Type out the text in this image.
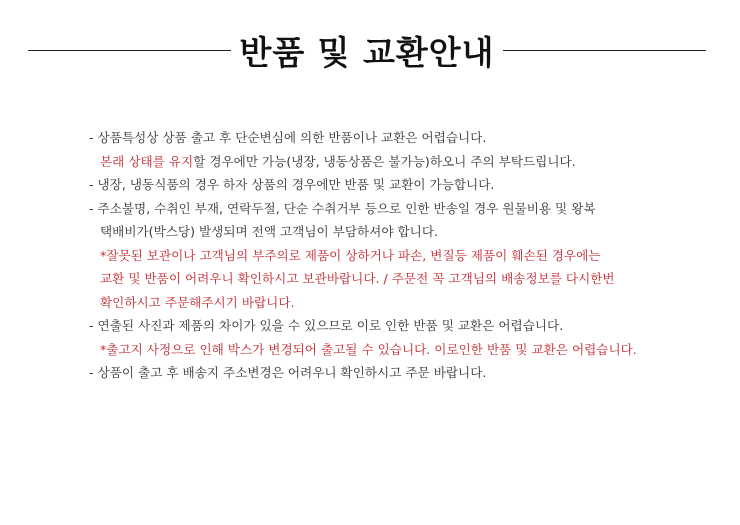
반품 및 교환안내
- 상품특성상 상품 출고 후 단순변심에 의한 반품이나 교환은 어렵습니다.
본래 상태를 유지할 경우에만 가능(냉장, 냉동상품은 불가능)하오니 주의 부탁드립니다.
- 냉장, 냉동식품의 경우 하자 상품의 경우에만 반품 및 교환이 가능합니다.
- 주소불명, 수취인 부재, 연락두절, 단순 수취거부 등으로 인한 반송일 경우 원물비용 및 왕복
택배비가(박스당) 발생되며 전액 고객님이 부담하셔야 합니다.
*잘못된 보관이나 고객님의 부주의로 제품이 상하거나 파손, 변질등 제품이 훼손된 경우에는
교환 및 반품이 어려우니 확인하시고 보관바랍니다. / 주문전 꼭 고객님의 배송정보를 다시한번
확인하시고 주문해주시기 바랍니다.
- 연출된 사진과 제품의 차이가 있을 수 있으므로 이로 인한 반품 및 교환은 어렵습니다.
*출고지 사정으로 인해 박스가 변경되어 출고될 수 있습니다. 이로인한 반품 및 교환은 어렵습니다.
- 상품이 출고 후 배송지 주소변경은 어려우니 확인하시고 주문 바랍니다.
